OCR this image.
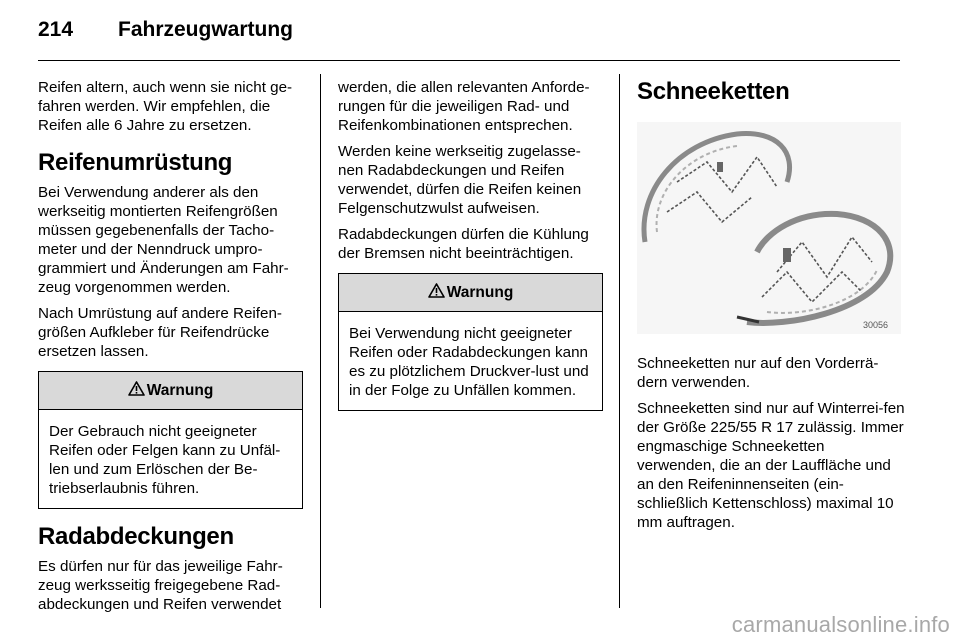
214	Fahrzeugwartung

Reifen altern, auch wenn sie nicht ge-fahren werden. Wir empfehlen, die Reifen alle 6 Jahre zu ersetzen.

Reifenumrüstung

Bei Verwendung anderer als den werkseitig montierten Reifengrößen müssen gegebenenfalls der Tacho-meter und der Nenndruck umpro-grammiert und Änderungen am Fahr-zeug vorgenommen werden.

Nach Umrüstung auf andere Reifen-größen Aufkleber für Reifendrücke ersetzen lassen.

Warnung
Der Gebrauch nicht geeigneter Reifen oder Felgen kann zu Unfäl-len und zum Erlöschen der Be-triebserlaubnis führen.
Radabdeckungen

Es dürfen nur für das jeweilige Fahr-zeug werksseitig freigegebene Rad-abdeckungen und Reifen verwendet

werden, die allen relevanten Anforde-rungen für die jeweiligen Rad- und Reifenkombinationen entsprechen.

Werden keine werkseitig zugelasse-nen Radabdeckungen und Reifen verwendet, dürfen die Reifen keinen Felgenschutzwulst aufweisen.

Radabdeckungen dürfen die Kühlung der Bremsen nicht beeinträchtigen.

Warnung
Bei Verwendung nicht geeigneter Reifen oder Radabdeckungen kann es zu plötzlichem Druckver-lust und in der Folge zu Unfällen kommen.
Schneeketten
30056

Schneeketten nur auf den Vorderrä-dern verwenden.

Schneeketten sind nur auf Winterrei-fen der Größe 225/55 R 17 zulässig. Immer engmaschige Schneeketten verwenden, die an der Lauffläche und an den Reifeninnenseiten (ein-schließlich Kettenschloss) maximal 10 mm auftragen.

carmanualsonline.info
